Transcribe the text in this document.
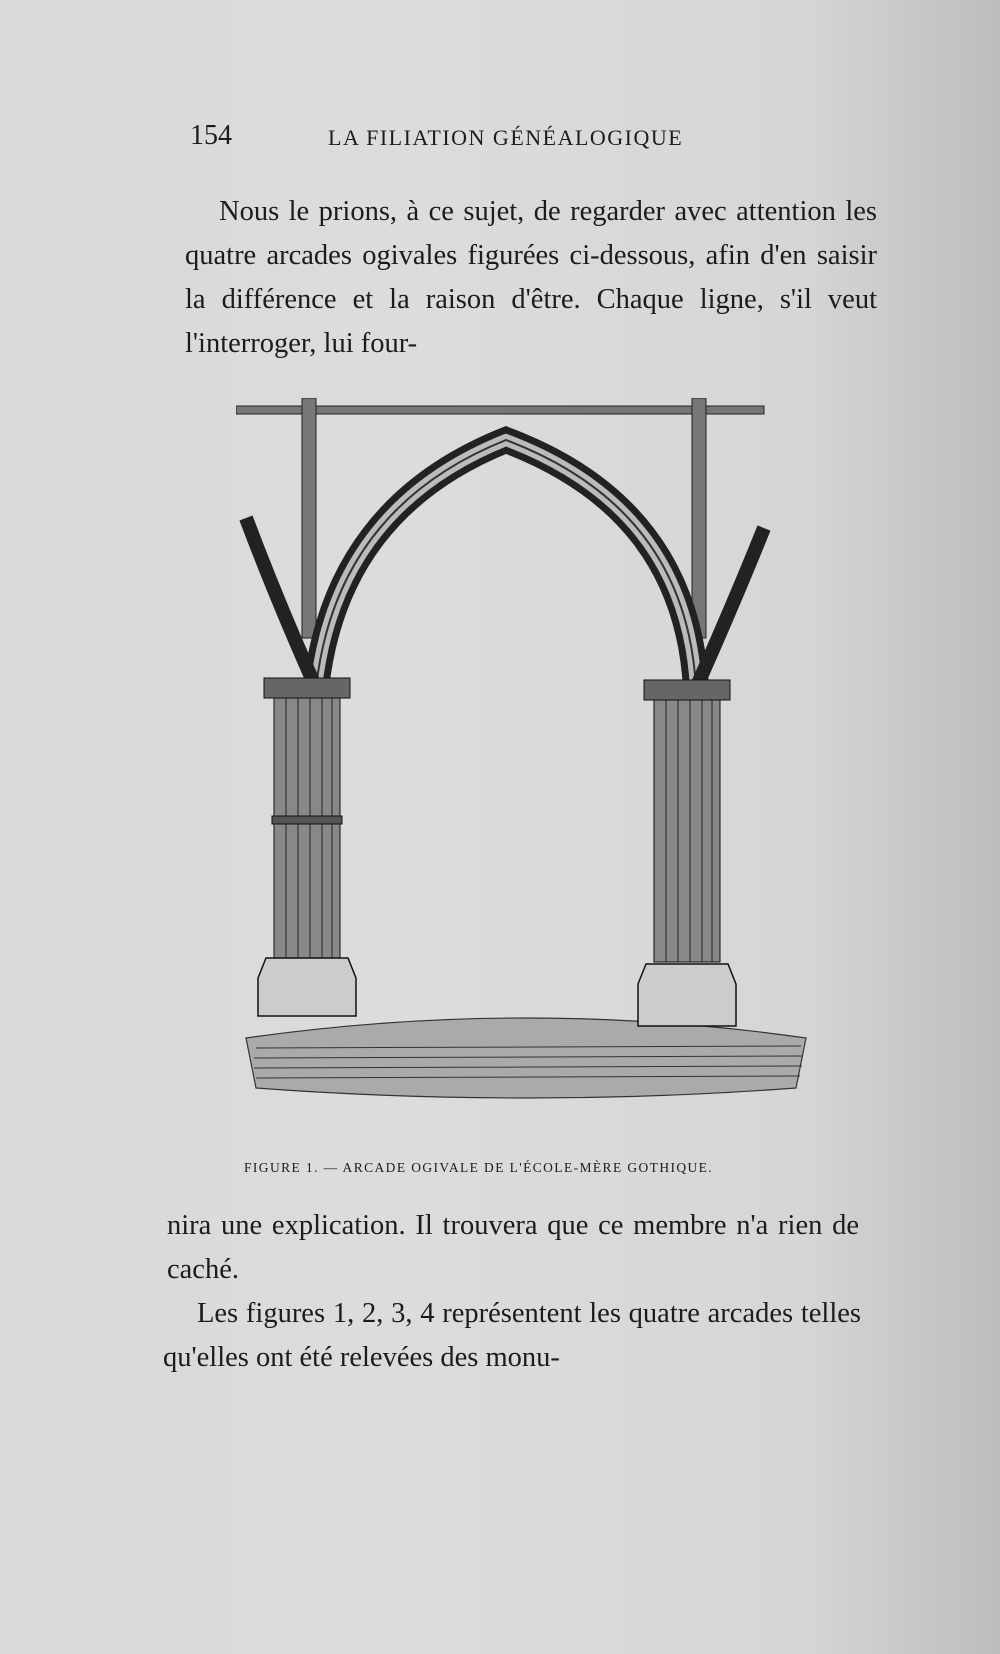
154	LA FILIATION GÉNÉALOGIQUE

Nous le prions, à ce sujet, de regarder avec attention les quatre arcades ogivales figurées ci-dessous, afin d'en saisir la différence et la raison d'être. Chaque ligne, s'il veut l'interroger, lui four-

FIGURE 1. — ARCADE OGIVALE DE L'ÉCOLE-MÈRE GOTHIQUE.

nira une explication. Il trouvera que ce membre n'a rien de caché.

Les figures 1, 2, 3, 4 représentent les quatre arcades telles qu'elles ont été relevées des monu-
